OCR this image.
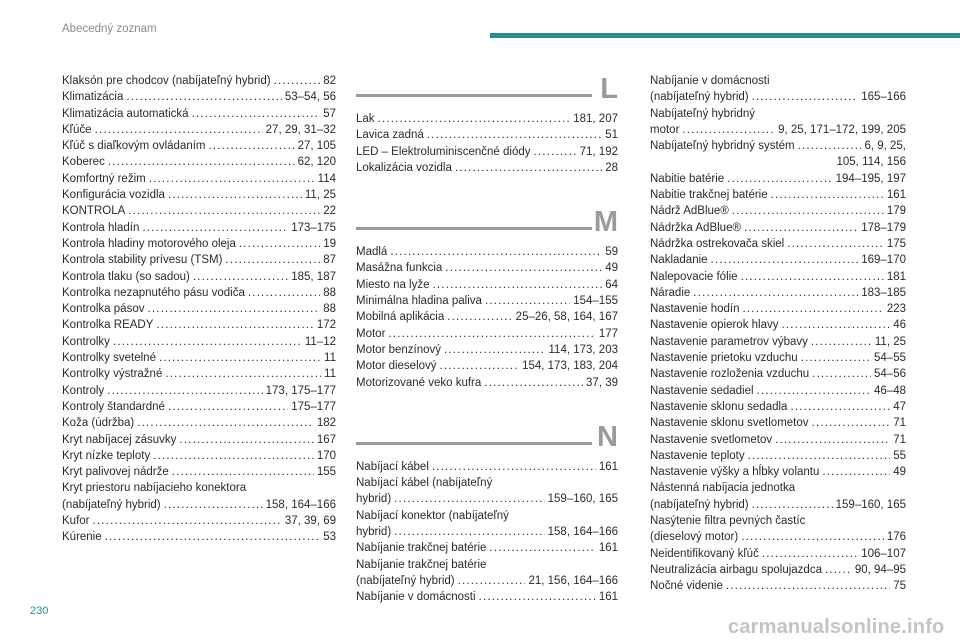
Abecedný zoznam
Klaksón pre chodcov (nabíjateľný hybrid) .....	82
Klimatizácia .....	53–54, 56
Klimatizácia automatická .....	57
Kľúče .....	27, 29, 31–32
Kľúč s diaľkovým ovládaním .....	27, 105
Koberec .....	62, 120
Komfortný režim .....	114
Konfigurácia vozidla .....	11, 25
KONTROLA .....	22
Kontrola hladín .....	173–175
Kontrola hladiny motorového oleja .....	19
Kontrola stability prívesu (TSM) .....	87
Kontrola tlaku (so sadou) .....	185, 187
Kontrolka nezapnutého pásu vodiča .....	88
Kontrolka pásov .....	88
Kontrolka READY .....	172
Kontrolky .....	11–12
Kontrolky svetelné .....	11
Kontrolky výstražné .....	11
Kontroly .....	173, 175–177
Kontroly štandardné .....	175–177
Koža (údržba) .....	182
Kryt nabíjacej zásuvky .....	167
Kryt nízke teploty .....	170
Kryt palivovej nádrže .....	155
Kryt priestoru nabíjacieho konektora
(nabíjateľný hybrid) .....	158, 164–166
Kufor .....	37, 39, 69
Kúrenie .....	53
L
Lak .....	181, 207
Lavica zadná .....	51
LED – Elektroluminiscenčné diódy .....	71, 192
Lokalizácia vozidla .....	28
M
Madlá .....	59
Masážna funkcia .....	49
Miesto na lyže .....	64
Minimálna hladina paliva .....	154–155
Mobilná aplikácia .....	25–26, 58, 164, 167
Motor .....	177
Motor benzínový .....	114, 173, 203
Motor dieselový .....	154, 173, 183, 204
Motorizované veko kufra .....	37, 39
N
Nabíjací kábel .....	161
Nabíjací kábel (nabíjateľný
hybrid) .....	159–160, 165
Nabíjací konektor (nabíjateľný
hybrid) .....	158, 164–166
Nabíjanie trakčnej batérie .....	161
Nabíjanie trakčnej batérie
(nabíjateľný hybrid) .....	21, 156, 164–166
Nabíjanie v domácnosti .....	161
Nabíjanie v domácnosti
(nabíjateľný hybrid) .....	165–166
Nabíjateľný hybridný
motor .....	9, 25, 171–172, 199, 205
Nabíjateľný hybridný systém .....	6, 9, 25,
105, 114, 156
Nabitie batérie .....	194–195, 197
Nabitie trakčnej batérie .....	161
Nádrž AdBlue® .....	179
Nádržka AdBlue® .....	178–179
Nádržka ostrekovača skiel .....	175
Nakladanie .....	169–170
Nalepovacie fólie .....	181
Náradie .....	183–185
Nastavenie hodín .....	223
Nastavenie opierok hlavy .....	46
Nastavenie parametrov výbavy .....	11, 25
Nastavenie prietoku vzduchu .....	54–55
Nastavenie rozloženia vzduchu .....	54–56
Nastavenie sedadiel .....	46–48
Nastavenie sklonu sedadla .....	47
Nastavenie sklonu svetlometov .....	71
Nastavenie svetlometov .....	71
Nastavenie teploty .....	55
Nastavenie výšky a hĺbky volantu .....	49
Nástenná nabíjacia jednotka
(nabíjateľný hybrid) .....	159–160, 165
Nasýtenie filtra pevných častíc
(dieselový motor) .....	176
Neidentifikovaný kľúč .....	106–107
Neutralizácia airbagu spolujazdca .....	90, 94–95
Nočné videnie .....	75
230
carmanualsonline.info
